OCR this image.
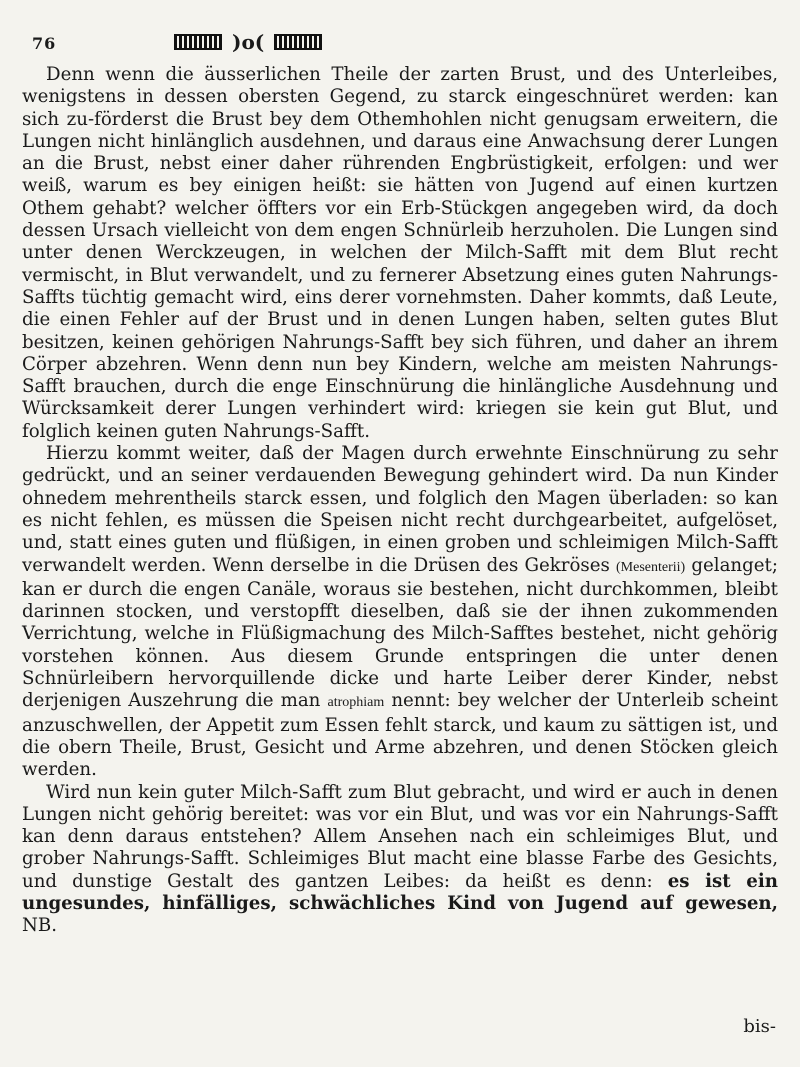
76	)o(

Denn wenn die äusserlichen Theile der zarten Brust, und des Unterleibes, wenigstens in dessen obersten Gegend, zu starck eingeschnüret werden: kan sich zu-förderst die Brust bey dem Othemhohlen nicht genugsam erweitern, die Lungen nicht hinlänglich ausdehnen, und daraus eine Anwachsung derer Lungen an die Brust, nebst einer daher rührenden Engbrüstigkeit, erfolgen: und wer weiß, warum es bey einigen heißt: sie hätten von Jugend auf einen kurtzen Othem gehabt? welcher öffters vor ein Erb-Stückgen angegeben wird, da doch dessen Ursach vielleicht von dem engen Schnürleib herzuholen. Die Lungen sind unter denen Werckzeugen, in welchen der Milch-Safft mit dem Blut recht vermischt, in Blut verwandelt, und zu fernerer Absetzung eines guten Nahrungs-Saffts tüchtig gemacht wird, eins derer vornehmsten. Daher kommts, daß Leute, die einen Fehler auf der Brust und in denen Lungen haben, selten gutes Blut besitzen, keinen gehörigen Nahrungs-Safft bey sich führen, und daher an ihrem Cörper abzehren. Wenn denn nun bey Kindern, welche am meisten Nahrungs-Safft brauchen, durch die enge Einschnürung die hinlängliche Ausdehnung und Würcksamkeit derer Lungen verhindert wird: kriegen sie kein gut Blut, und folglich keinen guten Nahrungs-Safft.

Hierzu kommt weiter, daß der Magen durch erwehnte Einschnürung zu sehr gedrückt, und an seiner verdauenden Bewegung gehindert wird. Da nun Kinder ohnedem mehrentheils starck essen, und folglich den Magen überladen: so kan es nicht fehlen, es müssen die Speisen nicht recht durchgearbeitet, aufgelöset, und, statt eines guten und flüßigen, in einen groben und schleimigen Milch-Safft verwandelt werden. Wenn derselbe in die Drüsen des Gekröses (Mesenterii) gelanget; kan er durch die engen Canäle, woraus sie bestehen, nicht durchkommen, bleibt darinnen stocken, und verstopfft dieselben, daß sie der ihnen zukommenden Verrichtung, welche in Flüßigmachung des Milch-Safftes bestehet, nicht gehörig vorstehen können. Aus diesem Grunde entspringen die unter denen Schnürleibern hervorquillende dicke und harte Leiber derer Kinder, nebst derjenigen Auszehrung die man atrophiam nennt: bey welcher der Unterleib scheint anzuschwellen, der Appetit zum Essen fehlt starck, und kaum zu sättigen ist, und die obern Theile, Brust, Gesicht und Arme abzehren, und denen Stöcken gleich werden.

Wird nun kein guter Milch-Safft zum Blut gebracht, und wird er auch in denen Lungen nicht gehörig bereitet: was vor ein Blut, und was vor ein Nahrungs-Safft kan denn daraus entstehen? Allem Ansehen nach ein schleimiges Blut, und grober Nahrungs-Safft. Schleimiges Blut macht eine blasse Farbe des Gesichts, und dunstige Gestalt des gantzen Leibes: da heißt es denn: es ist ein ungesundes, hinfälliges, schwächliches Kind von Jugend auf gewesen, NB.

bis-
